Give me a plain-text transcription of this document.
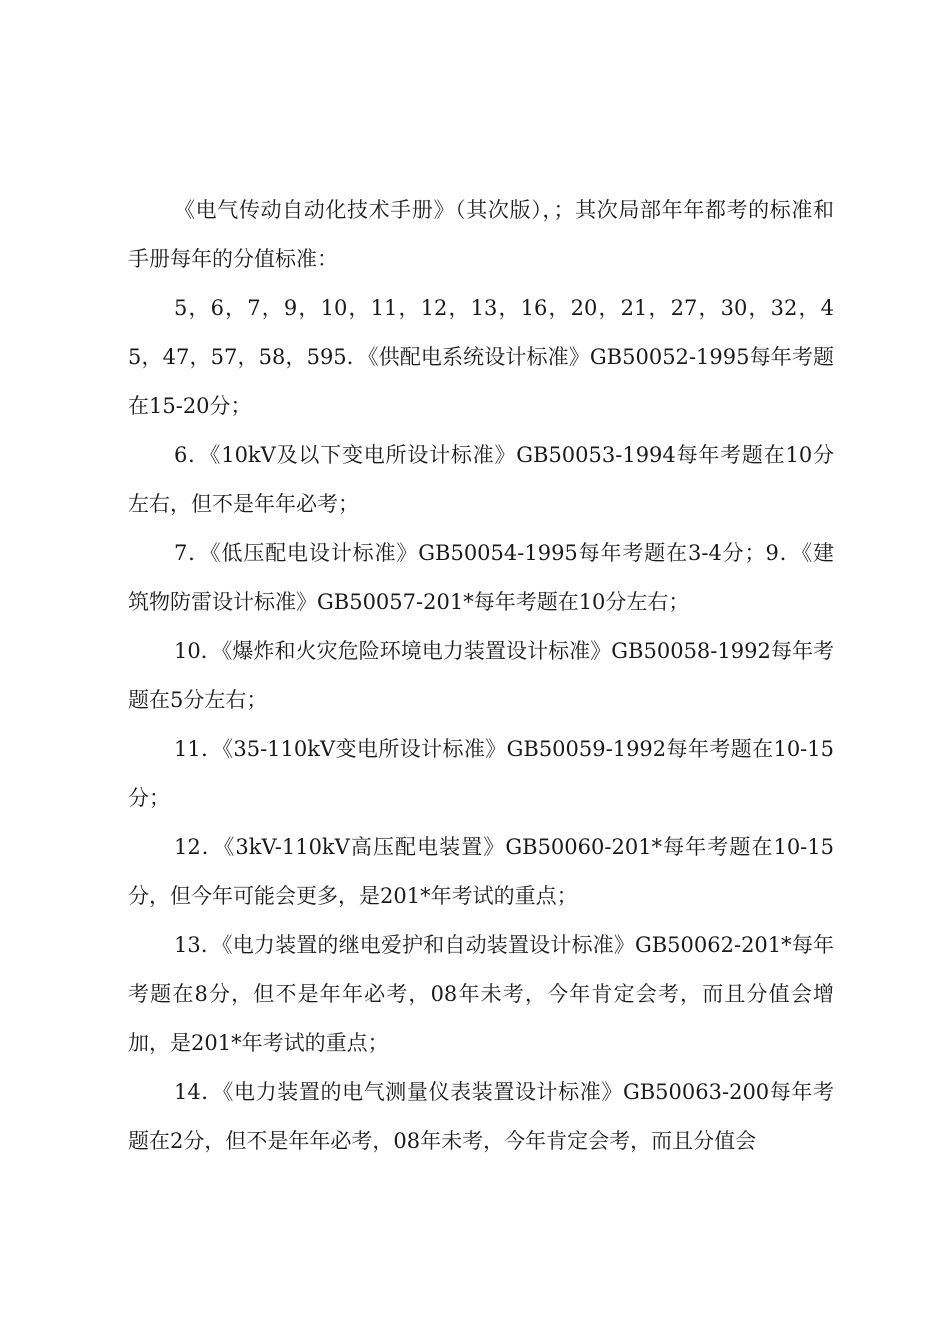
《电气传动自动化技术手册》（其次版），；其次局部年年都考的标准和手册每年的分值标准：

5，6，7，9，10，11，12，13，16，20，21，27，30，32，45，47，57，58，595．《供配电系统设计标准》GB50052-1995每年考题在15-20分；

6．《10kV及以下变电所设计标准》GB50053-1994每年考题在10分左右，但不是年年必考；

7．《低压配电设计标准》GB50054-1995每年考题在3-4分；9．《建筑物防雷设计标准》GB50057-201*每年考题在10分左右；

10．《爆炸和火灾危险环境电力装置设计标准》GB50058-1992每年考题在5分左右；

11．《35-110kV变电所设计标准》GB50059-1992每年考题在10-15分；

12．《3kV-110kV高压配电装置》GB50060-201*每年考题在10-15分，但今年可能会更多，是201*年考试的重点；

13．《电力装置的继电爱护和自动装置设计标准》GB50062-201*每年考题在8分，但不是年年必考，08年未考，今年肯定会考，而且分值会增加，是201*年考试的重点；

14．《电力装置的电气测量仪表装置设计标准》GB50063-200每年考题在2分，但不是年年必考，08年未考，今年肯定会考，而且分值会
